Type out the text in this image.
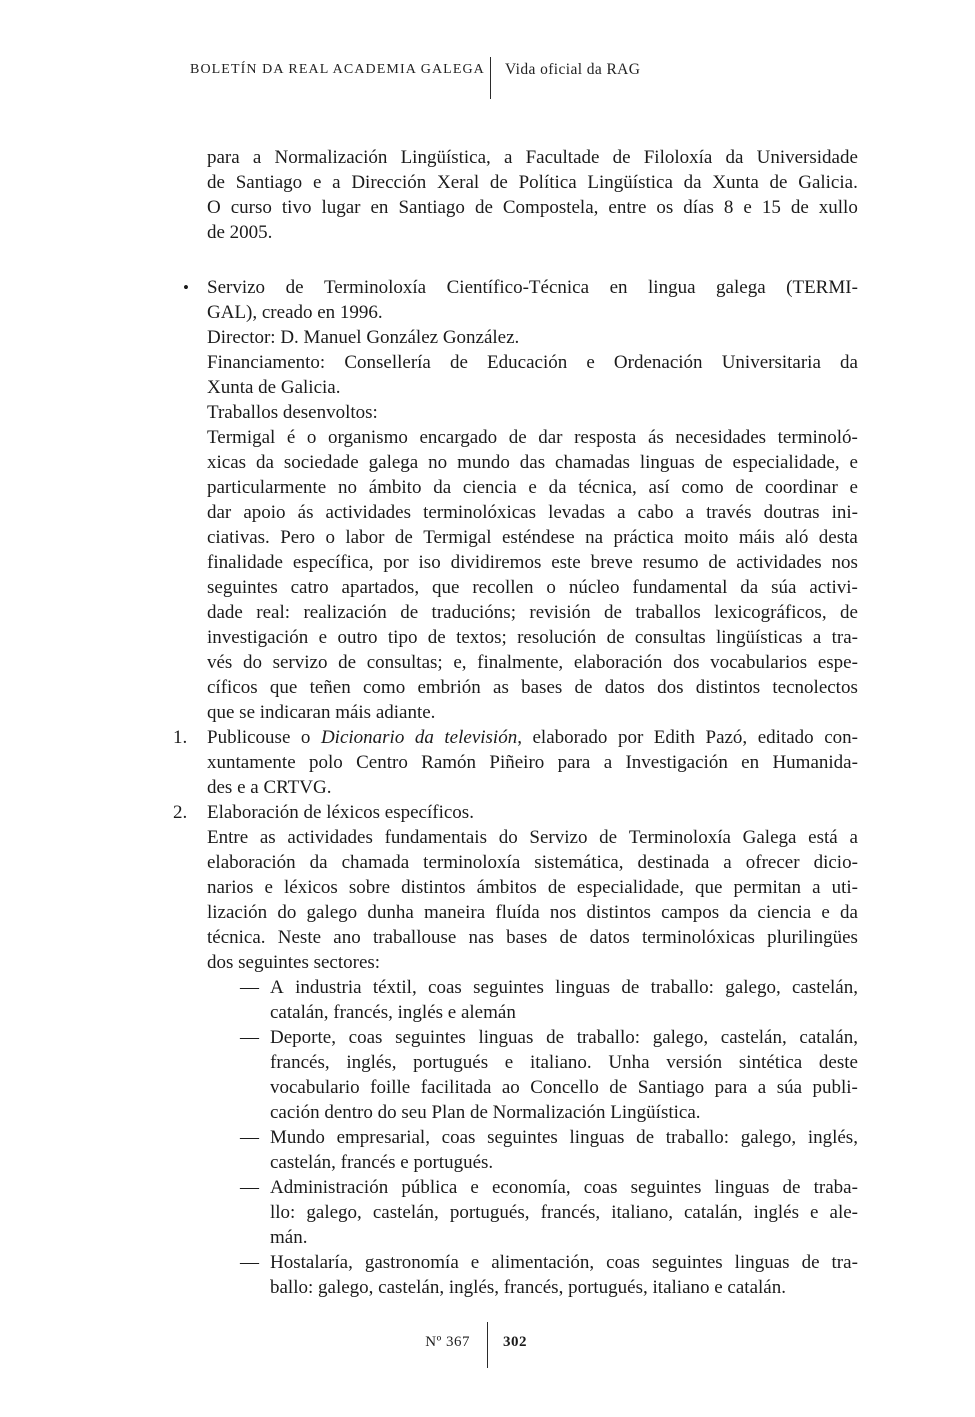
BOLETÍN DA REAL ACADEMIA GALEGA Vida oficial da RAG
para a Normalización Lingüística, a Facultade de Filoloxía da Universidade
de Santiago e a Dirección Xeral de Política Lingüística da Xunta de Galicia.
O curso tivo lugar en Santiago de Compostela, entre os días 8 e 15 de xullo
de 2005.
• Servizo de Terminoloxía Científico-Técnica en lingua galega (TERMI-
GAL), creado en 1996.
Director: D. Manuel González González.
Financiamento: Consellería de Educación e Ordenación Universitaria da
Xunta de Galicia.
Traballos desenvoltos:
Termigal é o organismo encargado de dar resposta ás necesidades terminoló-
xicas da sociedade galega no mundo das chamadas linguas de especialidade, e
particularmente no ámbito da ciencia e da técnica, así como de coordinar e
dar apoio ás actividades terminolóxicas levadas a cabo a través doutras ini-
ciativas. Pero o labor de Termigal esténdese na práctica moito máis aló desta
finalidade específica, por iso dividiremos este breve resumo de actividades nos
seguintes catro apartados, que recollen o núcleo fundamental da súa activi-
dade real: realización de traducións; revisión de traballos lexicográficos, de
investigación e outro tipo de textos; resolución de consultas lingüísticas a tra-
vés do servizo de consultas; e, finalmente, elaboración dos vocabularios espe-
cíficos que teñen como embrión as bases de datos dos distintos tecnolectos
que se indicaran máis adiante.
1. Publicouse o Dicionario da televisión, elaborado por Edith Pazó, editado con-
xuntamente polo Centro Ramón Piñeiro para a Investigación en Humanida-
des e a CRTVG.
2. Elaboración de léxicos específicos.
Entre as actividades fundamentais do Servizo de Terminoloxía Galega está a
elaboración da chamada terminoloxía sistemática, destinada a ofrecer dicio-
narios e léxicos sobre distintos ámbitos de especialidade, que permitan a uti-
lización do galego dunha maneira fluída nos distintos campos da ciencia e da
técnica. Neste ano traballouse nas bases de datos terminolóxicas plurilingües
dos seguintes sectores:
— A industria téxtil, coas seguintes linguas de traballo: galego, castelán,
catalán, francés, inglés e alemán
— Deporte, coas seguintes linguas de traballo: galego, castelán, catalán,
francés, inglés, portugués e italiano. Unha versión sintética deste
vocabulario foille facilitada ao Concello de Santiago para a súa publi-
cación dentro do seu Plan de Normalización Lingüística.
— Mundo empresarial, coas seguintes linguas de traballo: galego, inglés,
castelán, francés e portugués.
— Administración pública e economía, coas seguintes linguas de traba-
llo: galego, castelán, portugués, francés, italiano, catalán, inglés e ale-
mán.
— Hostalaría, gastronomía e alimentación, coas seguintes linguas de tra-
ballo: galego, castelán, inglés, francés, portugués, italiano e catalán.
Nº 367 302
